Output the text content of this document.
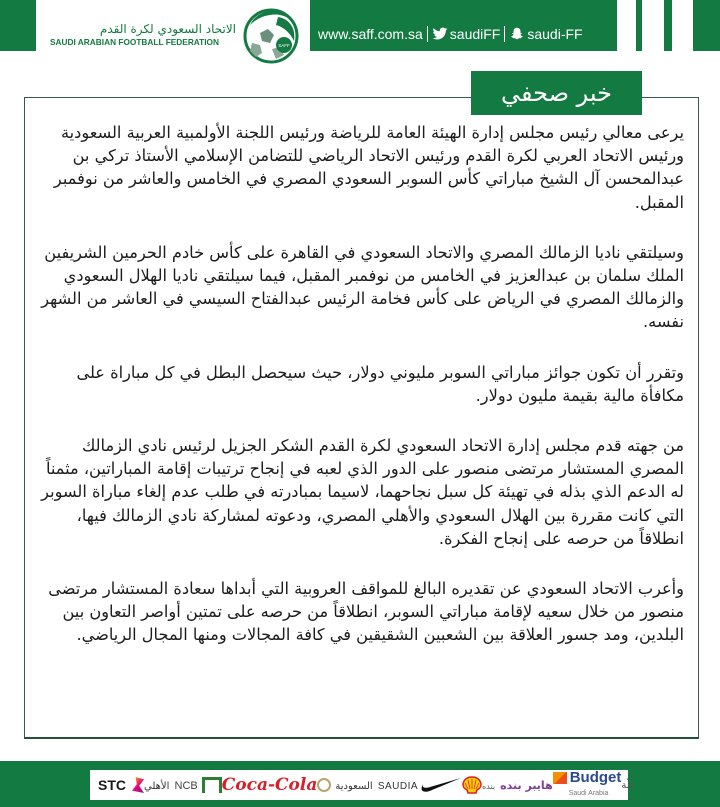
الاتحاد السعودي لكرة القدم
SAUDI ARABIAN FOOTBALL FEDERATION	SAFF
www.saff.com.sa saudiFF saudi-FF
خبر صحفي

يرعى معالي رئيس مجلس إدارة الهيئة العامة للرياضة ورئيس اللجنة الأولمبية العربية السعودية ورئيس الاتحاد العربي لكرة القدم ورئيس الاتحاد الرياضي للتضامن الإسلامي الأستاذ تركي بن عبدالمحسن آل الشيخ مباراتي كأس السوبر السعودي المصري في الخامس والعاشر من نوفمبر المقبل.

وسيلتقي ناديا الزمالك المصري والاتحاد السعودي في القاهرة على كأس خادم الحرمين الشريفين الملك سلمان بن عبدالعزيز في الخامس من نوفمبر المقبل، فيما سيلتقي ناديا الهلال السعودي والزمالك المصري في الرياض على كأس فخامة الرئيس عبدالفتاح السيسي في العاشر من الشهر نفسه.

وتقرر أن تكون جوائز مباراتي السوبر مليوني دولار، حيث سيحصل البطل في كل مباراة على مكافأة مالية بقيمة مليون دولار.

من جهته قدم مجلس إدارة الاتحاد السعودي لكرة القدم الشكر الجزيل لرئيس نادي الزمالك المصري المستشار مرتضى منصور على الدور الذي لعبه في إنجاح ترتيبات إقامة المباراتين، مثمناً له الدعم الذي بذله في تهيئة كل سبل نجاحهما، لاسيما بمبادرته في طلب عدم إلغاء مباراة السوبر التي كانت مقررة بين الهلال السعودي والأهلي المصري، ودعوته لمشاركة نادي الزمالك فيها، انطلاقاً من حرصه على إنجاح الفكرة.

وأعرب الاتحاد السعودي عن تقديره البالغ للمواقف العروبية التي أبداها سعادة المستشار مرتضى منصور من خلال سعيه لإقامة مباراتي السوبر، انطلاقاً من حرصه على تمتين أواصر التعاون بين البلدين، ومد جسور العلاقة بين الشعبين الشقيقين في كافة المجالات ومنها المجال الرياضي.

STC الأهلي NCB Coca-Cola السعودية SAUDIA	هايبر بنده بنده	Budget
Saudi Arabia
دلّة
